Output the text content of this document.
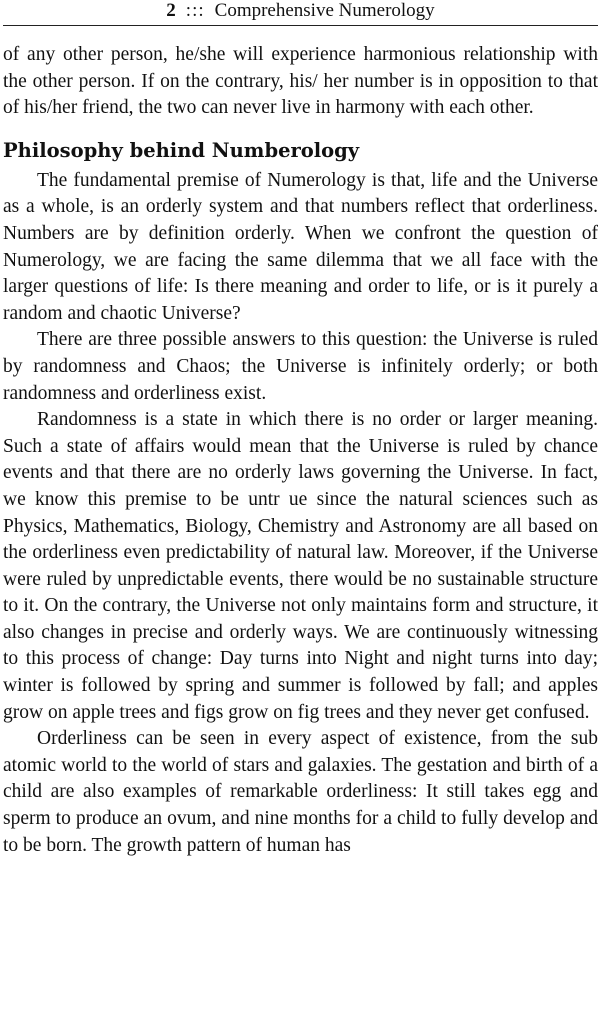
2 ::: Comprehensive Numerology

of any other person, he/she will experience harmonious relationship with the other person. If on the contrary, his/ her number is in opposition to that of his/her friend, the two can never live in harmony with each other.

Philosophy behind Numberology

The fundamental premise of Numerology is that, life and the Universe as a whole, is an orderly system and that numbers reflect that orderliness. Numbers are by definition orderly. When we confront the question of Numerology, we are facing the same dilemma that we all face with the larger questions of life: Is there meaning and order to life, or is it purely a random and chaotic Universe?

There are three possible answers to this question: the Universe is ruled by randomness and Chaos; the Universe is infinitely orderly; or both randomness and orderliness exist.

Randomness is a state in which there is no order or larger meaning. Such a state of affairs would mean that the Universe is ruled by chance events and that there are no orderly laws governing the Universe. In fact, we know this premise to be untr ue since the natural sciences such as Physics, Mathematics, Biology, Chemistry and Astronomy are all based on the orderliness even predictability of natural law. Moreover, if the Universe were ruled by unpredictable events, there would be no sustainable structure to it. On the contrary, the Universe not only maintains form and structure, it also changes in precise and orderly ways. We are continuously witnessing to this process of change: Day turns into Night and night turns into day; winter is followed by spring and summer is followed by fall; and apples grow on apple trees and figs grow on fig trees and they never get confused.

Orderliness can be seen in every aspect of existence, from the sub atomic world to the world of stars and galaxies. The gestation and birth of a child are also examples of remarkable orderliness: It still takes egg and sperm to produce an ovum, and nine months for a child to fully develop and to be born. The growth pattern of human has
